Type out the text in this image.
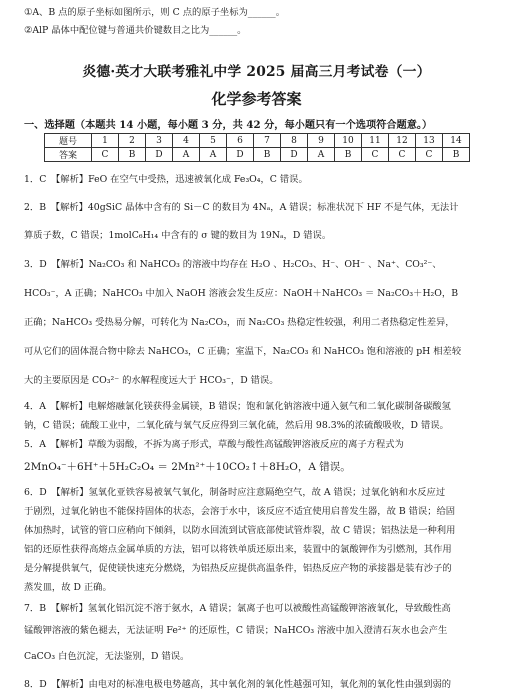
①A、B 点的原子坐标如图所示，则 C 点的原子坐标为______。
②AlP 晶体中配位键与普通共价键数目之比为______。
炎德·英才大联考雅礼中学 2025 届高三月考试卷（一）
化学参考答案
一、选择题（本题共 14 小题，每小题 3 分，共 42 分，每小题只有一个选项符合题意。）
题号	1	2	3	4	5	6	7	8	9	10	11	12	13	14
答案	C	B	D	A	A	D	B	D	A	B	C	C	C	B
1．C　【解析】FeO 在空气中受热，迅速被氧化成 Fe₃O₄，C 错误。
2．B　【解析】40gSiC 晶体中含有的 Si－C 的数目为 4Nₐ，A 错误；标准状况下 HF 不是气体，无法计
算质子数，C 错误；1molC₆H₁₄ 中含有的 σ 键的数目为 19Nₐ，D 错误。
3．D　【解析】Na₂CO₃ 和 NaHCO₃ 的溶液中均存在 H₂O 、H₂CO₃、H⁻、OH⁻ 、Na⁺、CO₃²⁻、
HCO₃⁻，A 正确；NaHCO₃ 中加入 NaOH 溶液会发生反应：NaOH＋NaHCO₃ ＝ Na₂CO₃＋H₂O，B
正确；NaHCO₃ 受热易分解，可转化为 Na₂CO₃，而 Na₂CO₃ 热稳定性较强，利用二者热稳定性差异，
可从它们的固体混合物中除去 NaHCO₃，C 正确；室温下，Na₂CO₃ 和 NaHCO₃ 饱和溶液的 pH 相差较
大的主要原因是 CO₃²⁻ 的水解程度远大于 HCO₃⁻，D 错误。
4．A　【解析】电解熔融氯化镁获得金属镁，B 错误；饱和氯化钠溶液中通入氨气和二氧化碳制备碳酸氢
钠，C 错误；硫酸工业中，二氧化硫与氧气反应得到三氧化硫，然后用 98.3%的浓硫酸吸收，D 错误。
5．A　【解析】草酸为弱酸，不拆为离子形式，草酸与酸性高锰酸钾溶液反应的离子方程式为
2MnO₄⁻＋6H⁺＋5H₂C₂O₄ ＝ 2Mn²⁺＋10CO₂↑＋8H₂O，A 错误。
6．D　【解析】氢氧化亚铁容易被氧气氧化，制备时应注意隔绝空气，故 A 错误；过氧化钠和水反应过
于剧烈，过氧化钠也不能保持固体的状态，会溶于水中，该反应不适宜使用启普发生器，故 B 错误；给固
体加热时，试管的管口应稍向下倾斜，以防水回流到试管底部使试管炸裂，故 C 错误；铝热法是一种利用
铝的还原性获得高熔点金属单质的方法，铝可以将铁单质还原出来，装置中的氯酸钾作为引燃剂，其作用
是分解提供氧气，促使镁快速充分燃烧，为铝热反应提供高温条件，铝热反应产物的承接器是装有沙子的
蒸发皿，故 D 正确。
7．B　【解析】氢氧化铝沉淀不溶于氨水，A 错误；氯离子也可以被酸性高锰酸钾溶液氧化，导致酸性高
锰酸钾溶液的紫色褪去，无法证明 Fe²⁺ 的还原性，C 错误；NaHCO₃ 溶液中加入澄清石灰水也会产生
CaCO₃ 白色沉淀，无法鉴别，D 错误。
8．D　【解析】由电对的标准电极电势越高，其中氧化剂的氧化性越强可知，氧化剂的氧化性由强到弱的
